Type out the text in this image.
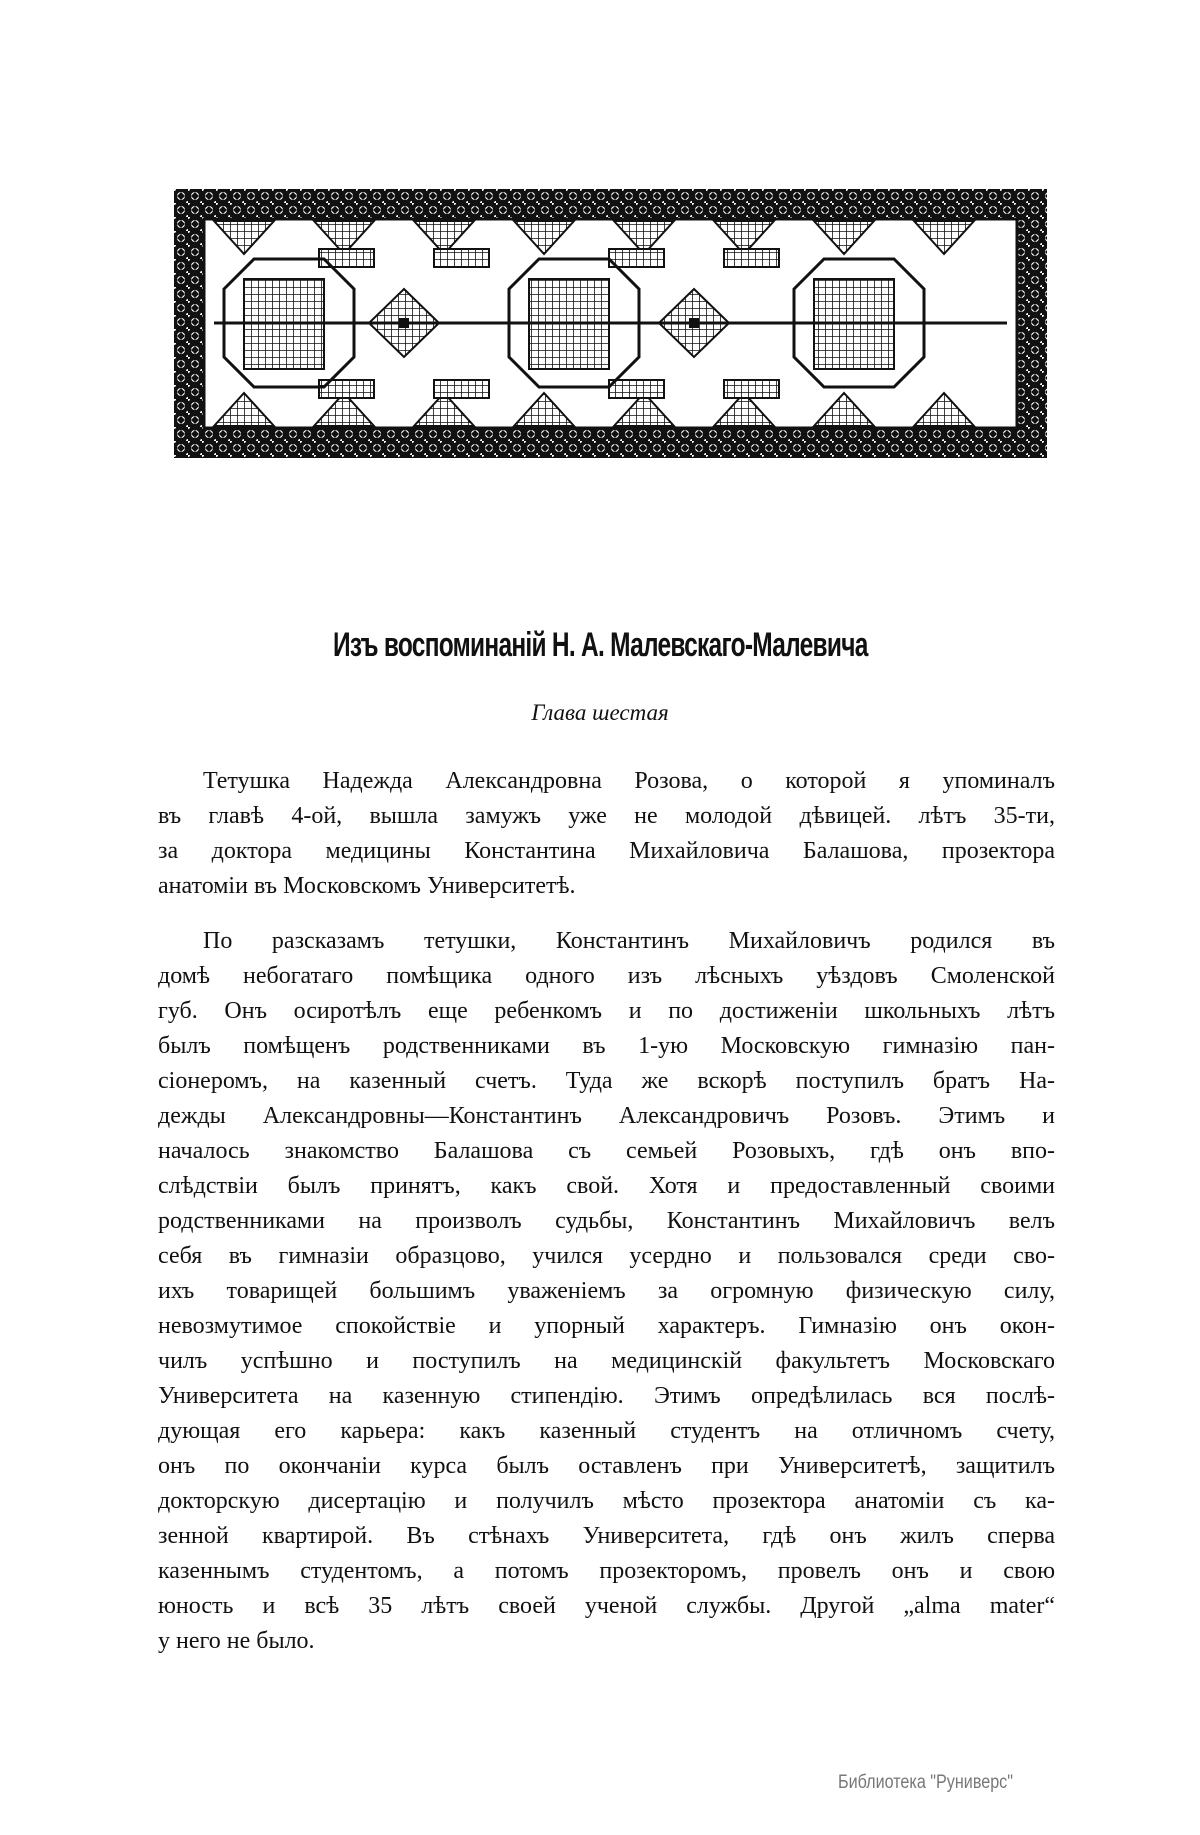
Изъ воспоминанiй Н. А. Малевскаго-Малевича
Глава шестая
Тетушка Надежда Александровна Розова, о которой я упоминалъ
въ главѣ 4-ой, вышла замужъ уже не молодой дѣвицей. лѣтъ 35-ти,
за доктора медицины Константина Михайловича Балашова, прозектора
анатомiи въ Московскомъ Университетѣ.
По разсказамъ тетушки, Константинъ Михайловичъ родился въ
домѣ небогатаго помѣщика одного изъ лѣсныхъ уѣздовъ Смоленской
губ. Онъ осиротѣлъ еще ребенкомъ и по достиженiи школьныхъ лѣтъ
былъ помѣщенъ родственниками въ 1-ую Московскую гимназiю пан-
сiонеромъ, на казенный счетъ. Туда же вскорѣ поступилъ братъ На-
дежды Александровны—Константинъ Александровичъ Розовъ. Этимъ и
началось знакомство Балашова съ семьей Розовыхъ, гдѣ онъ впо-
слѣдствiи былъ принятъ, какъ свой. Хотя и предоставленный своими
родственниками на произволъ судьбы, Константинъ Михайловичъ велъ
себя въ гимназiи образцово, учился усердно и пользовался среди сво-
ихъ товарищей большимъ уваженiемъ за огромную физическую силу,
невозмутимое спокойствiе и упорный характеръ. Гимназiю онъ окон-
чилъ успѣшно и поступилъ на медицинскiй факультетъ Московскаго
Университета на казенную стипендiю. Этимъ опредѣлилась вся послѣ-
дующая его карьера: какъ казенный студентъ на отличномъ счету,
онъ по окончанiи курса былъ оставленъ при Университетѣ, защитилъ
докторскую дисертацiю и получилъ мѣсто прозектора анатомiи съ ка-
зенной квартирой. Въ стѣнахъ Университета, гдѣ онъ жилъ сперва
казеннымъ студентомъ, а потомъ прозекторомъ, провелъ онъ и свою
юность и всѣ 35 лѣтъ своей ученой службы. Другой „alma mater“
у него не было.
Библиотека "Руниверс"
